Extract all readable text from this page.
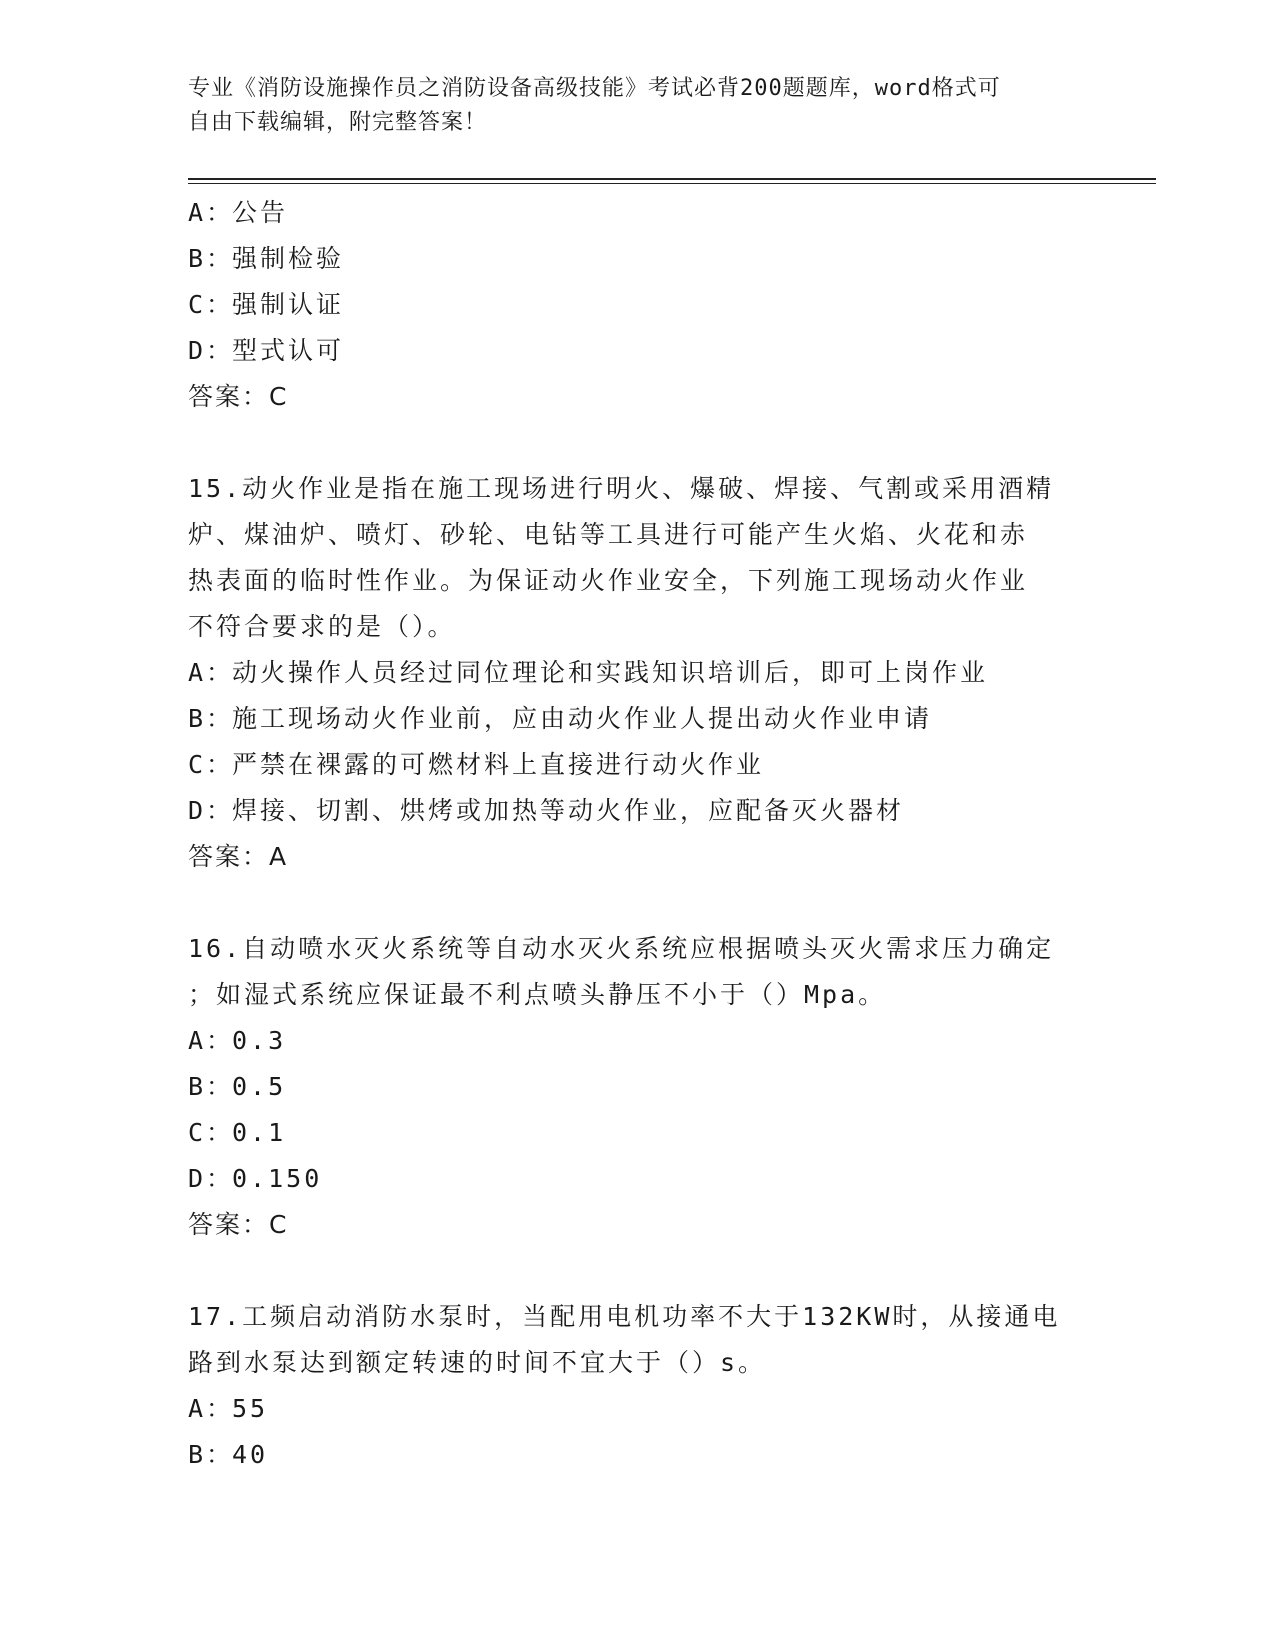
专业《消防设施操作员之消防设备高级技能》考试必背200题题库，word格式可
自由下载编辑，附完整答案！
A：公告
B：强制检验
C：强制认证
D：型式认可
答案：C
15.动火作业是指在施工现场进行明火、爆破、焊接、气割或采用酒精
炉、煤油炉、喷灯、砂轮、电钻等工具进行可能产生火焰、火花和赤
热表面的临时性作业。为保证动火作业安全，下列施工现场动火作业
不符合要求的是（）。
A：动火操作人员经过同位理论和实践知识培训后，即可上岗作业
B：施工现场动火作业前，应由动火作业人提出动火作业申请
C：严禁在裸露的可燃材料上直接进行动火作业
D：焊接、切割、烘烤或加热等动火作业，应配备灭火器材
答案：A
16.自动喷水灭火系统等自动水灭火系统应根据喷头灭火需求压力确定
；如湿式系统应保证最不利点喷头静压不小于（）Mpa。
A：0.3
B：0.5
C：0.1
D：0.150
答案：C
17.工频启动消防水泵时，当配用电机功率不大于132KW时，从接通电
路到水泵达到额定转速的时间不宜大于（）s。
A：55
B：40
